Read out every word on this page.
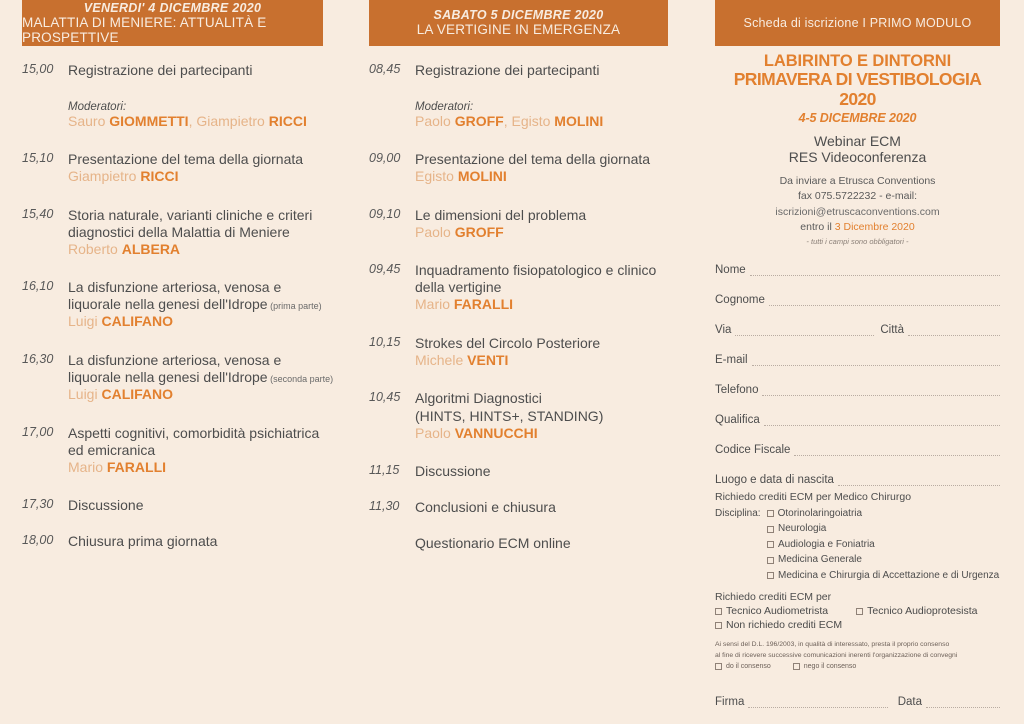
VENERDI' 4 DICEMBRE 2020
MALATTIA DI MENIERE: ATTUALITÀ E PROSPETTIVE
SABATO 5 DICEMBRE 2020
LA VERTIGINE IN EMERGENZA	Scheda di iscrizione I PRIMO MODULO
15,00	Registrazione dei partecipanti
Moderatori:
Sauro GIOMMETTI, Giampietro RICCI
15,10	Presentazione del tema della giornata
Giampietro RICCI
15,40	Storia naturale, varianti cliniche e criteri
diagnostici della Malattia di Meniere
Roberto ALBERA
16,10	La disfunzione arteriosa, venosa e
liquorale nella genesi dell'Idrope (prima parte)
Luigi CALIFANO
16,30	La disfunzione arteriosa, venosa e
liquorale nella genesi dell'Idrope (seconda parte)
Luigi CALIFANO
17,00	Aspetti cognitivi, comorbidità psichiatrica
ed emicranica
Mario FARALLI
17,30	Discussione
18,00	Chiusura prima giornata
08,45	Registrazione dei partecipanti
Moderatori:
Paolo GROFF, Egisto MOLINI
09,00	Presentazione del tema della giornata
Egisto MOLINI
09,10	Le dimensioni del problema
Paolo GROFF
09,45	Inquadramento fisiopatologico e clinico
della vertigine
Mario FARALLI
10,15	Strokes del Circolo Posteriore
Michele VENTI
10,45	Algoritmi Diagnostici
(HINTS, HINTS+, STANDING)
Paolo VANNUCCHI
11,15	Discussione
11,30	Conclusioni e chiusura
Questionario ECM online
LABIRINTO E DINTORNI
PRIMAVERA DI VESTIBOLOGIA 2020
4-5 DICEMBRE 2020
Webinar ECM
RES Videoconferenza
Da inviare a Etrusca Conventions
fax 075.5722232 - e-mail: iscrizioni@etruscaconventions.com
entro il 3 Dicembre 2020
- tutti i campi sono obbligatori -
Nome
Cognome
Via	Città
E-mail
Telefono
Qualifica
Codice Fiscale
Luogo e data di nascita
Richiedo crediti ECM per Medico Chirurgo
Disciplina:	Otorinolaringoiatria
Neurologia
Audiologia e Foniatria
Medicina Generale
Medicina e Chirurgia di Accettazione e di Urgenza
Richiedo crediti ECM per
Tecnico Audiometrista	Tecnico Audioprotesista
Non richiedo crediti ECM
Ai sensi del D.L. 196/2003, in qualità di interessato, presta il proprio consenso
al fine di ricevere successive comunicazioni inerenti l'organizzazione di convegni
do il consenso	nego il consenso
Firma	Data
